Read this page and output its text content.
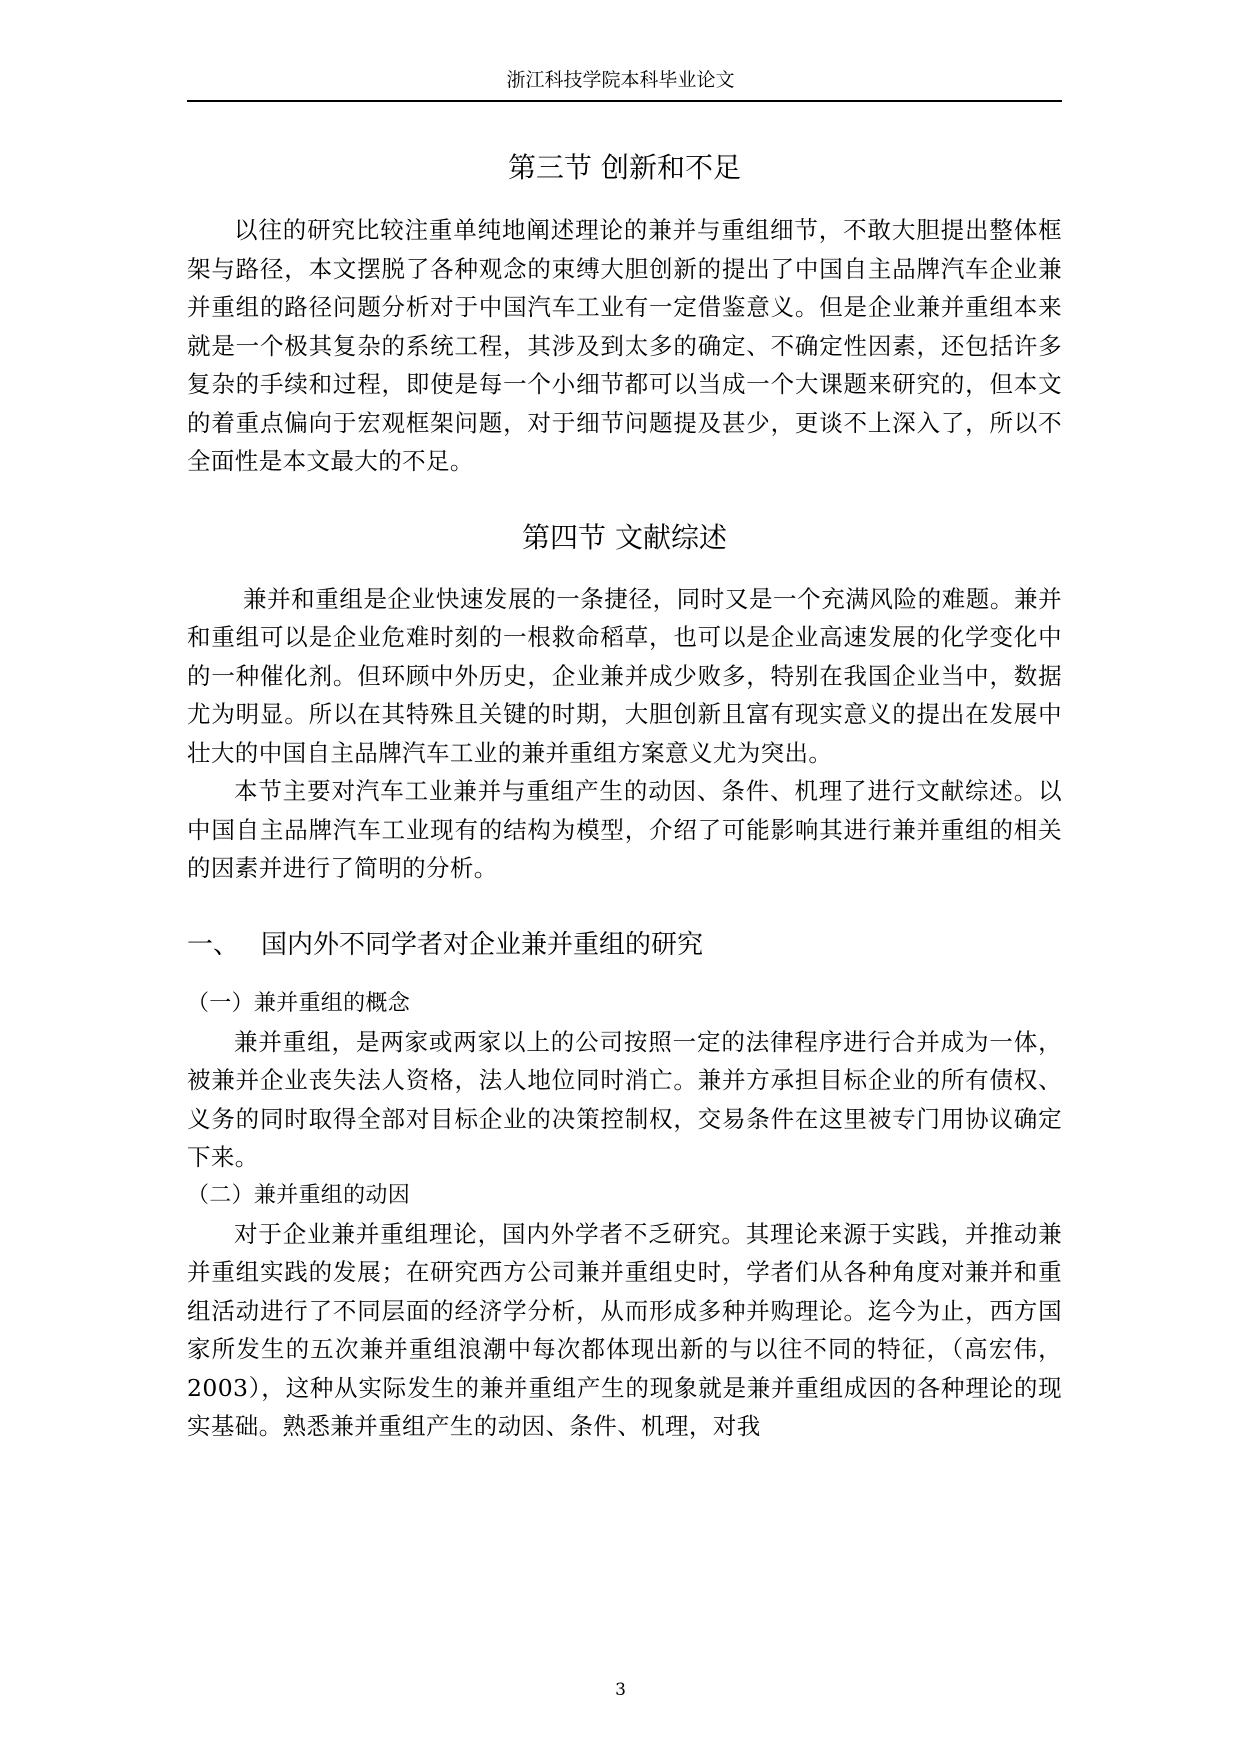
浙江科技学院本科毕业论文
第三节 创新和不足

以往的研究比较注重单纯地阐述理论的兼并与重组细节，不敢大胆提出整体框架与路径，本文摆脱了各种观念的束缚大胆创新的提出了中国自主品牌汽车企业兼并重组的路径问题分析对于中国汽车工业有一定借鉴意义。但是企业兼并重组本来就是一个极其复杂的系统工程，其涉及到太多的确定、不确定性因素，还包括许多复杂的手续和过程，即使是每一个小细节都可以当成一个大课题来研究的，但本文的着重点偏向于宏观框架问题，对于细节问题提及甚少，更谈不上深入了，所以不全面性是本文最大的不足。

第四节 文献综述

兼并和重组是企业快速发展的一条捷径，同时又是一个充满风险的难题。兼并和重组可以是企业危难时刻的一根救命稻草，也可以是企业高速发展的化学变化中的一种催化剂。但环顾中外历史，企业兼并成少败多，特别在我国企业当中，数据尤为明显。所以在其特殊且关键的时期，大胆创新且富有现实意义的提出在发展中壮大的中国自主品牌汽车工业的兼并重组方案意义尤为突出。

本节主要对汽车工业兼并与重组产生的动因、条件、机理了进行文献综述。以中国自主品牌汽车工业现有的结构为模型，介绍了可能影响其进行兼并重组的相关的因素并进行了简明的分析。

一、 国内外不同学者对企业兼并重组的研究

（一）兼并重组的概念

兼并重组，是两家或两家以上的公司按照一定的法律程序进行合并成为一体，被兼并企业丧失法人资格，法人地位同时消亡。兼并方承担目标企业的所有债权、义务的同时取得全部对目标企业的决策控制权，交易条件在这里被专门用协议确定下来。

（二）兼并重组的动因

对于企业兼并重组理论，国内外学者不乏研究。其理论来源于实践，并推动兼并重组实践的发展；在研究西方公司兼并重组史时，学者们从各种角度对兼并和重组活动进行了不同层面的经济学分析，从而形成多种并购理论。迄今为止，西方国家所发生的五次兼并重组浪潮中每次都体现出新的与以往不同的特征，（高宏伟，2003），这种从实际发生的兼并重组产生的现象就是兼并重组成因的各种理论的现实基础。熟悉兼并重组产生的动因、条件、机理，对我

3
